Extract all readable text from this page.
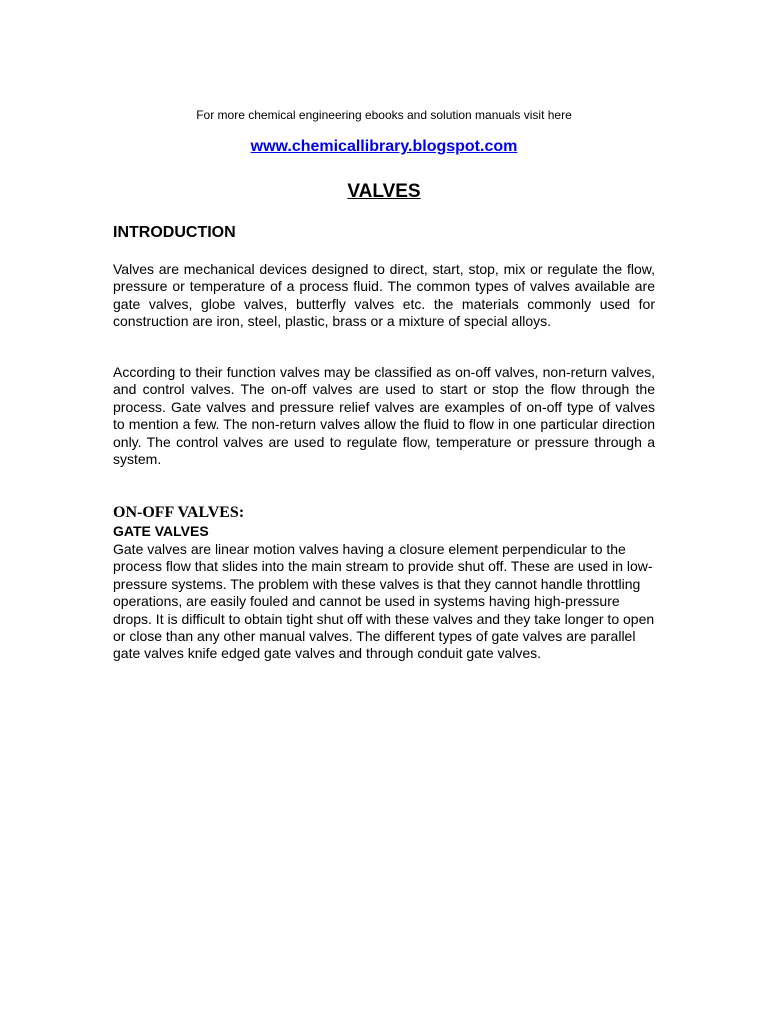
For more chemical engineering ebooks and solution manuals visit here
www.chemicallibrary.blogspot.com
VALVES
INTRODUCTION

Valves are mechanical devices designed to direct, start, stop, mix or regulate the flow, pressure or temperature of a process fluid. The common types of valves available are gate valves, globe valves, butterfly valves etc. the materials commonly used for construction are iron, steel, plastic, brass or a mixture of special alloys.

According to their function valves may be classified as on-off valves, non-return valves, and control valves. The on-off valves are used to start or stop the flow through the process. Gate valves and pressure relief valves are examples of on-off type of valves to mention a few. The non-return valves allow the fluid to flow in one particular direction only. The control valves are used to regulate flow, temperature or pressure through a system.

ON-OFF VALVES:
GATE VALVES

Gate valves are linear motion valves having a closure element perpendicular to the process flow that slides into the main stream to provide shut off. These are used in low-pressure systems. The problem with these valves is that they cannot handle throttling operations, are easily fouled and cannot be used in systems having high-pressure drops. It is difficult to obtain tight shut off with these valves and they take longer to open or close than any other manual valves. The different types of gate valves are parallel gate valves knife edged gate valves and through conduit gate valves.
